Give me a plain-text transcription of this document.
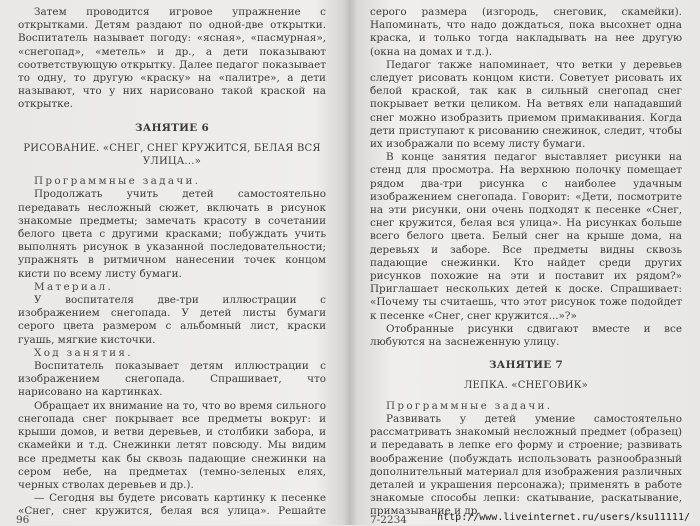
Затем проводится игровое упражнение с открытками. Детям раздают по одной-две открытки. Воспитатель называет погоду: «ясная», «пасмурная», «снегопад», «метель» и др., а дети показывают соответствующую открытку. Далее педагог показывает то одну, то другую «краску» на «палитре», а дети называют, что у них нарисовано такой краской на открытке.

ЗАНЯТИЕ 6

РИСОВАНИЕ. «СНЕГ, СНЕГ КРУЖИТСЯ, БЕЛАЯ ВСЯ УЛИЦА...»

Программные задачи.

Продолжать учить детей самостоятельно передавать несложный сюжет, включать в рисунок знакомые предметы; замечать красоту в сочетании белого цвета с другими красками; побуждать учить выполнять рисунок в указанной последовательности; упражнять в ритмичном нанесении точек концом кисти по всему листу бумаги.

Материал.

У воспитателя две-три иллюстрации с изображением снегопада. У детей листы бумаги серого цвета размером с альбомный лист, краски гуашь, мягкие кисточки.

Ход занятия.

Воспитатель показывает детям иллюстрации с изображением снегопада. Спрашивает, что нарисовано на картинках.

Обращает их внимание на то, что во время сильного снегопада снег покрывает все предметы вокруг: и крыши домов, и ветви деревьев, и столбики забора, и скамейки и т.д. Снежинки летят повсюду. Мы видим все предметы как бы сквозь падающие снежинки на сером небе, на предметах (темно-зеленых елях, черных стволах деревьев и др.).

— Сегодня вы будете рисовать картинку к песенке «Снег, снег кружится, белая вся улица». Решайте

серого размера (изгородь, снеговик, скамейки). Напоминать, что надо дождаться, пока высохнет одна краска, и только тогда накладывать на нее другую (окна на домах и т.д.).

Педагог также напоминает, что ветки у деревьев следует рисовать концом кисти. Советует рисовать их белой краской, так как в сильный снегопад снег покрывает ветки целиком. На ветвях ели нападавший снег можно изобразить приемом примакивания. Когда дети приступают к рисованию снежинок, следит, чтобы их изображали по всему листу бумаги.

В конце занятия педагог выставляет рисунки на стенд для просмотра. На верхнюю полочку помещает рядом два-три рисунка с наиболее удачным изображением снегопада. Говорит: «Дети, посмотрите на эти рисунки, они очень подходят к песенке «Снег, снег кружится, белая вся улица». На рисунках больше всего белого цвета. Белый снег на крыше дома, на деревьях и заборе. Все предметы видны сквозь падающие снежинки. Кто найдет среди других рисунков похожие на эти и поставит их рядом?» Приглашает нескольких детей к доске. Спрашивает: «Почему ты считаешь, что этот рисунок тоже подойдет к песенке «Снег, снег кружится...»?»

Отобранные рисунки сдвигают вместе и все любуются на заснеженную улицу.

ЗАНЯТИЕ 7

ЛЕПКА. «СНЕГОВИК»

Программные задачи.

Развивать у детей умение самостоятельно рассматривать знакомый несложный предмет (образец) и передавать в лепке его форму и строение; развивать воображение (побуждать использовать разнообразный дополнительный материал для изображения различных деталей и украшения персонажа); применять в работе знакомые способы лепки: скатывание, раскатывание, примазывание и др.

96	7-2234	http://www.liveinternet.ru/users/ksu11111/
